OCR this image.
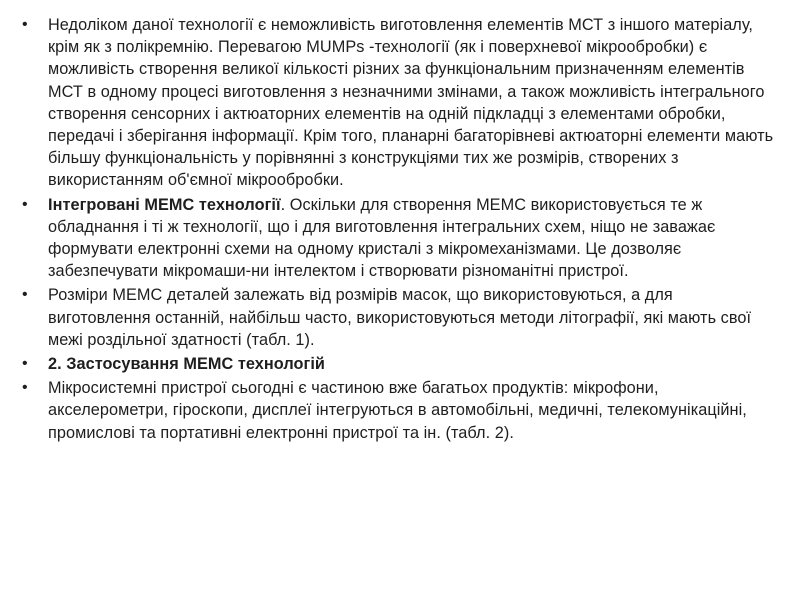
•	Недоліком даної технології є неможливість виготовлення елементів МСТ з іншого матеріалу, крім як з полікремнію. Перевагою MUMPs -технології (як і поверхневої мікрообробки) є можливість створення великої кількості різних за функціональним призначенням елементів МСТ в одному процесі виготовлення з незначними змінами, а також можливість інтегрального створення сенсорних і актюаторних елементів на одній підкладці з елементами обробки, передачі і зберігання інформації. Крім того, планарні багаторівневі актюаторні елементи мають більшу функціональність у порівнянні з конструкціями тих же розмірів, створених з використанням об'ємної мікрообробки.
•	Інтегровані МЕМС технології. Оскільки для створення МЕМС використовується те ж обладнання і ті ж технології, що і для виготовлення інтегральних схем, ніщо не заважає формувати електронні схеми на одному кристалі з мікромеханізмами. Це дозволяє забезпечувати мікромаши-ни інтелектом і створювати різноманітні пристрої.
•	Розміри МЕМС деталей залежать від розмірів масок, що використовуються, а для виготовлення останній, найбільш часто, використовуються методи літографії, які мають свої межі роздільної здатності (табл. 1).
•	2. Застосування МЕМС технологій
•	Мікросистемні пристрої сьогодні є частиною вже багатьох продуктів: мікрофони, акселерометри, гіроскопи, дисплеї інтегруються в автомобільні, медичні, телекомунікаційні, промислові та портативні електронні пристрої та ін. (табл. 2).
